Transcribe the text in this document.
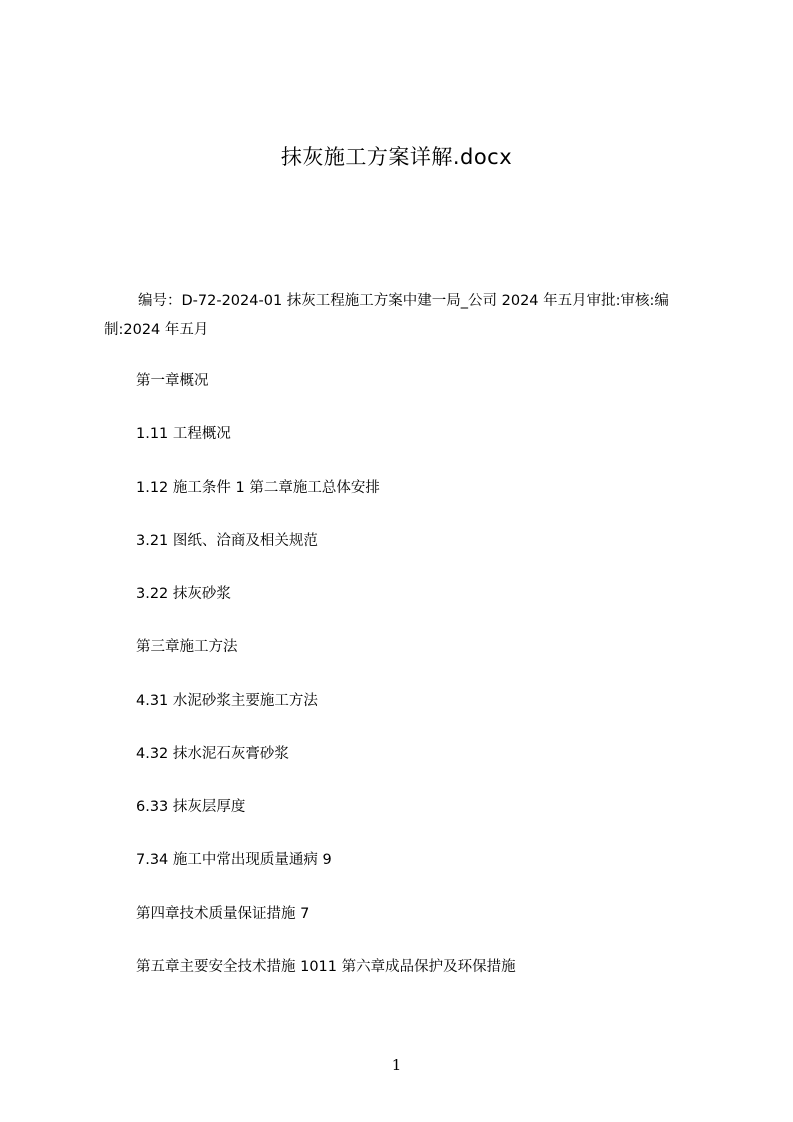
抹灰施工方案详解.docx
编号：D-72-2024-01 抹灰工程施工方案中建一局_公司 2024 年五月审批:审核:编制:2024 年五月
第一章概况
1.11 工程概况
1.12 施工条件 1 第二章施工总体安排
3.21 图纸、洽商及相关规范
3.22 抹灰砂浆
第三章施工方法
4.31 水泥砂浆主要施工方法
4.32 抹水泥石灰膏砂浆
6.33 抹灰层厚度
7.34 施工中常出现质量通病 9
第四章技术质量保证措施 7
第五章主要安全技术措施 1011 第六章成品保护及环保措施
1
